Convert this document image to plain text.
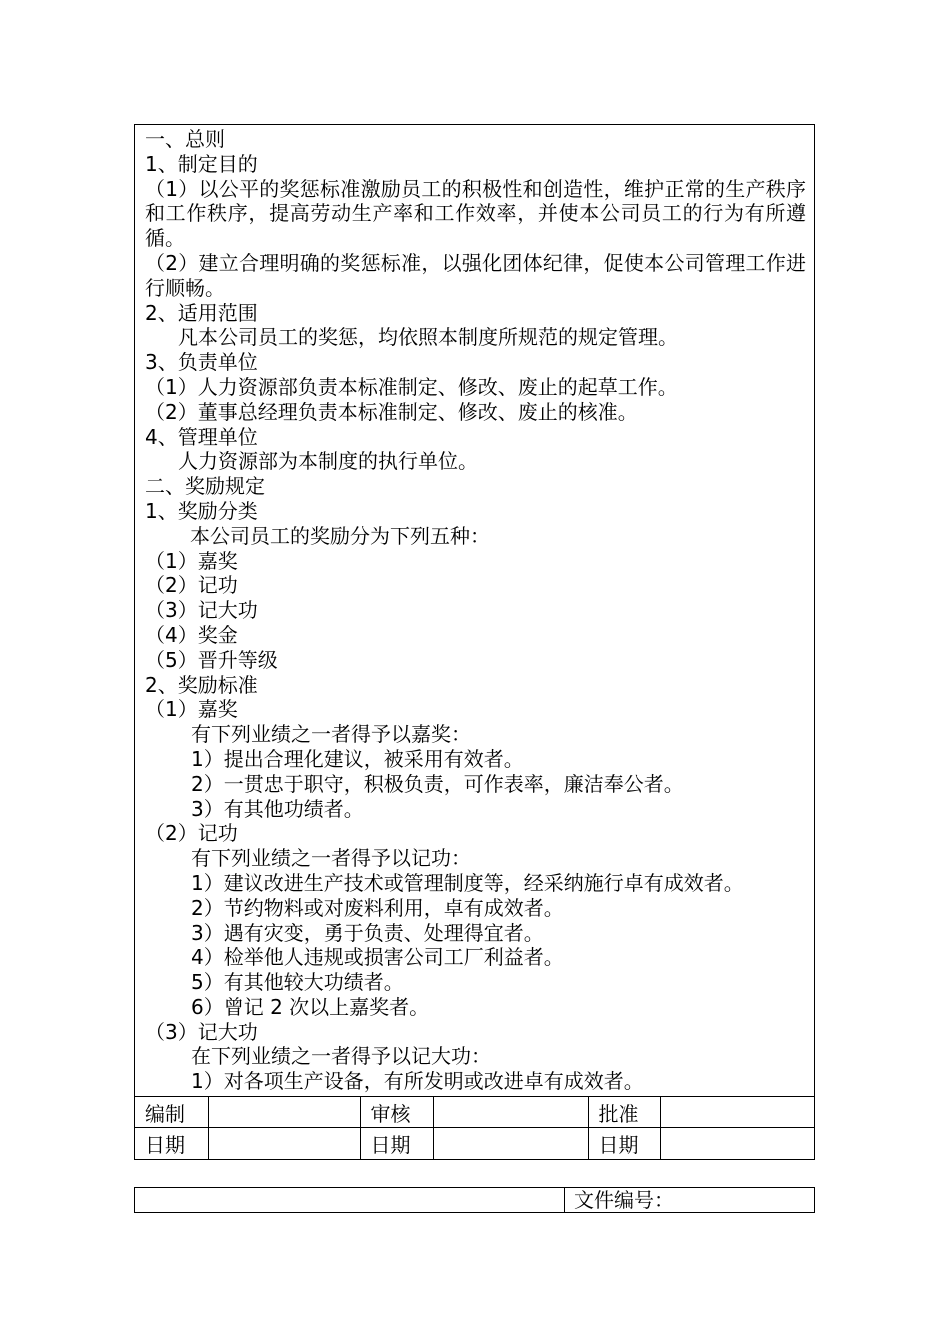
一、总则
1、制定目的
（1）以公平的奖惩标准激励员工的积极性和创造性，维护正常的生产秩序和工作秩序，提高劳动生产率和工作效率，并使本公司员工的行为有所遵循。
（2）建立合理明确的奖惩标准，以强化团体纪律，促使本公司管理工作进行顺畅。
2、适用范围
凡本公司员工的奖惩，均依照本制度所规范的规定管理。
3、负责单位
（1）人力资源部负责本标准制定、修改、废止的起草工作。
（2）董事总经理负责本标准制定、修改、废止的核准。
4、管理单位
人力资源部为本制度的执行单位。
二、奖励规定
1、奖励分类
本公司员工的奖励分为下列五种：
（1）嘉奖
（2）记功
（3）记大功
（4）奖金
（5）晋升等级
2、奖励标准
（1）嘉奖
有下列业绩之一者得予以嘉奖：
1）提出合理化建议，被采用有效者。
2）一贯忠于职守，积极负责，可作表率，廉洁奉公者。
3）有其他功绩者。
（2）记功
有下列业绩之一者得予以记功：
1）建议改进生产技术或管理制度等，经采纳施行卓有成效者。
2）节约物料或对废料利用，卓有成效者。
3）遇有灾变，勇于负责、处理得宜者。
4）检举他人违规或损害公司工厂利益者。
5）有其他较大功绩者。
6）曾记 2 次以上嘉奖者。
（3）记大功
在下列业绩之一者得予以记大功：
1）对各项生产设备，有所发明或改进卓有成效者。
编制		审核		批准	
日期		日期		日期	
文件编号：
